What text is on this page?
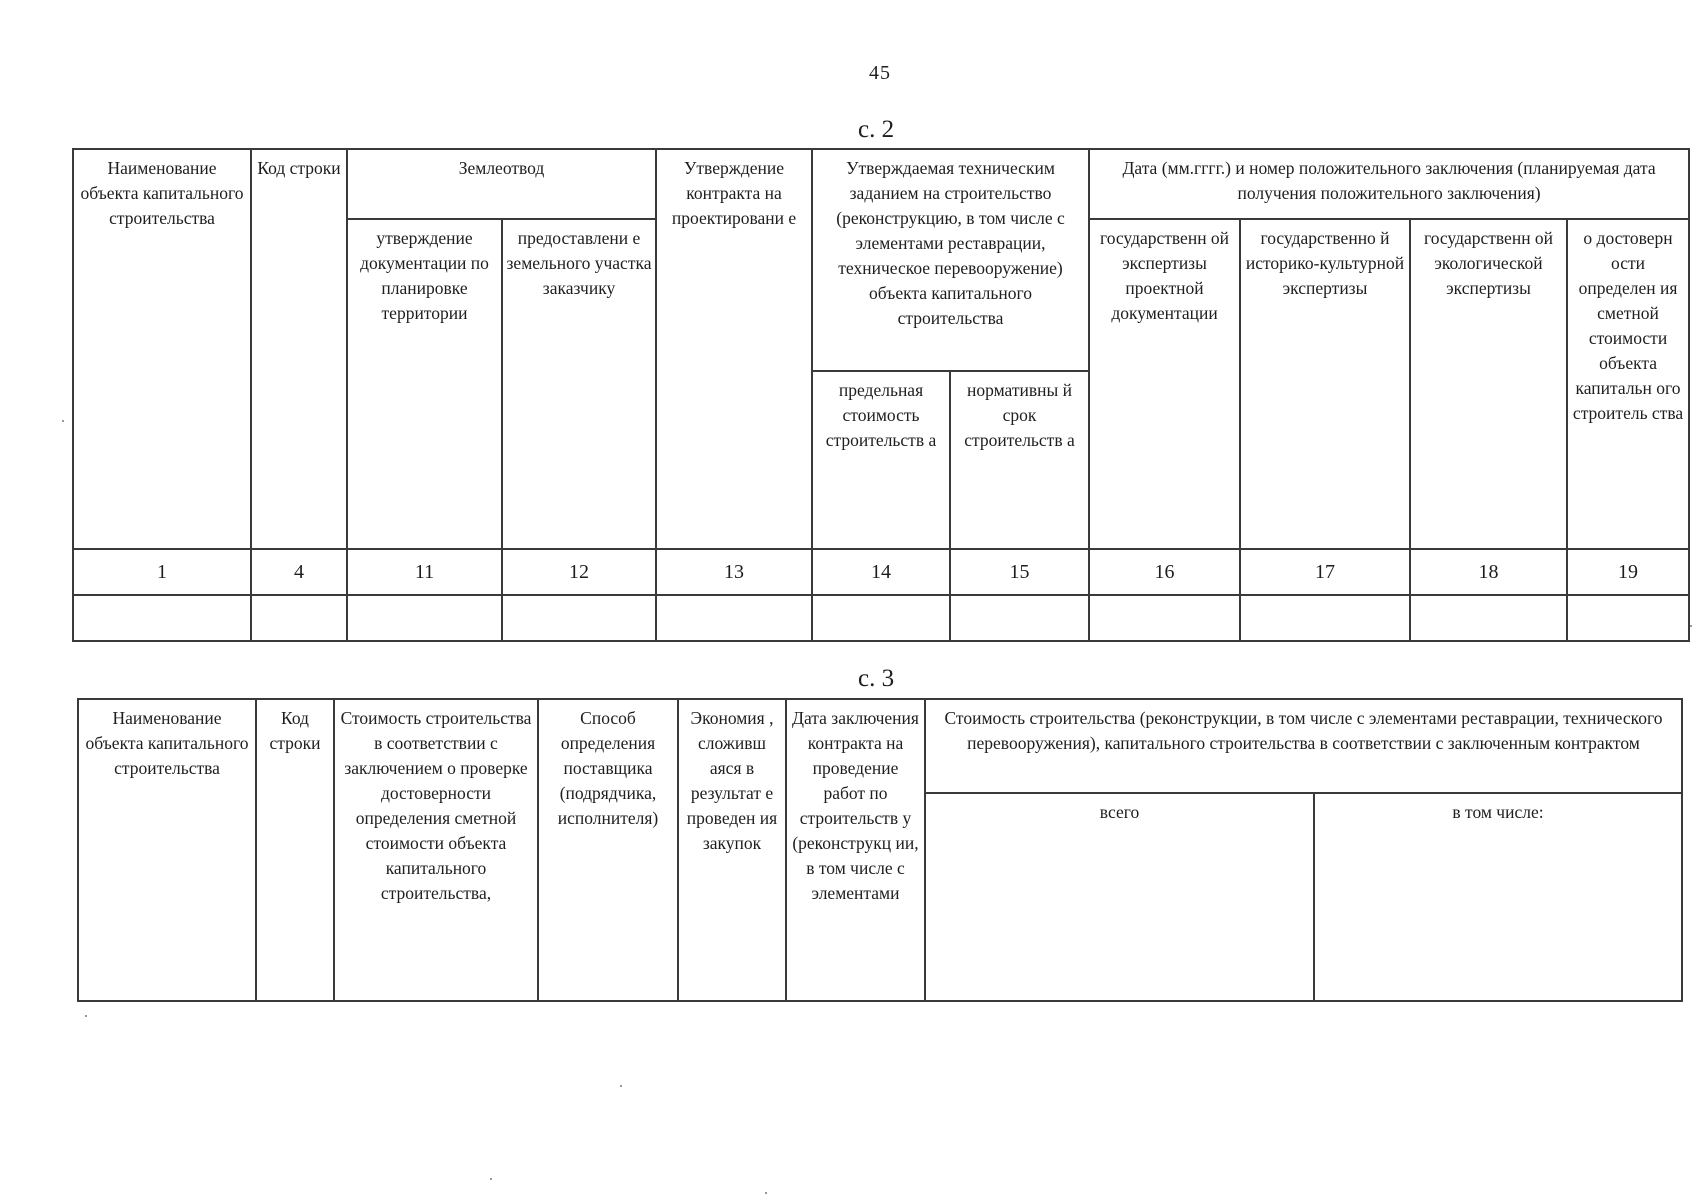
45
с. 2
Наименование объекта капитального строительства	Код строки	Землеотвод		Утверждение контракта на проектировани е	Утверждаемая техническим заданием на строительство (реконструкцию, в том числе с элементами реставрации, техническое перевооружение) объекта капитального строительства		Дата (мм.гггг.) и номер положительного заключения (планируемая дата получения положительного заключения)			
		утверждение документации по планировке территории	предоставлени е земельного участка заказчику				государственн ой экспертизы проектной документации	государственно й историко-культурной экспертизы	государственн ой экологической экспертизы	о достоверн ости определен ия сметной стоимости объекта капитальн ого строитель ства
					предельная стоимость строительств а	нормативны й срок строительств а				
1	4	11	12	13	14	15	16	17	18	19

с. 3
Наименование объекта капитального строительства	Код строки	Стоимость строительства в соответствии с заключением о проверке достоверности определения сметной стоимости объекта капитального строительства,	Способ определения поставщика (подрядчика, исполнителя)	Экономия , сложивш аяся в результат е проведен ия закупок	Дата заключения контракта на проведение работ по строительств у (реконструкц ии, в том числе с элементами	Стоимость строительства (реконструкции, в том числе с элементами реставрации, технического перевооружения), капитального строительства в соответствии с заключенным контрактом	
						всего	в том числе:
